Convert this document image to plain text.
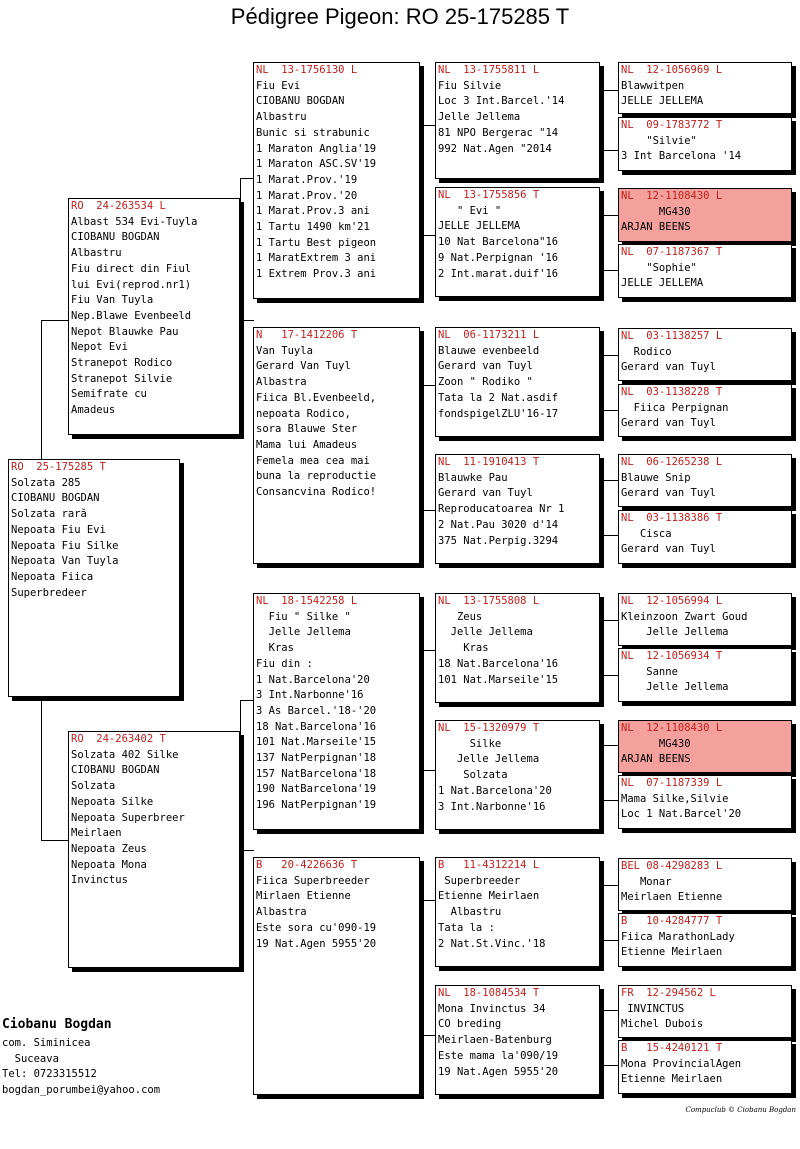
Pédigree Pigeon: RO 25-175285 T
RO  25-175285 T
Solzata 285
CIOBANU BOGDAN
Solzata rară
Nepoata Fiu Evi
Nepoata Fiu Silke
Nepoata Van Tuyla
Nepoata Fiica
Superbredeer
RO  24-263534 L
Albast 534 Evi-Tuyla
CIOBANU BOGDAN
Albastru
Fiu direct din Fiul
lui Evi(reprod.nr1)
Fiu Van Tuyla
Nep.Blawe Evenbeeld
Nepot Blauwke Pau
Nepot Evi
Stranepot Rodico
Stranepot Silvie
Semifrate cu
Amadeus
RO  24-263402 T
Solzata 402 Silke
CIOBANU BOGDAN
Solzata
Nepoata Silke
Nepoata Superbreer
Meirlaen
Nepoata Zeus
Nepoata Mona
Invinctus
NL  13-1756130 L
Fiu Evi
CIOBANU BOGDAN
Albastru
Bunic si strabunic
1 Maraton Anglia'19
1 Maraton ASC.SV'19
1 Marat.Prov.'19
1 Marat.Prov.'20
1 Marat.Prov.3 ani
1 Tartu 1490 km'21
1 Tartu Best pigeon
1 MaratExtrem 3 ani
1 Extrem Prov.3 ani
N   17-1412206 T
Van Tuyla
Gerard Van Tuyl
Albastra
Fiica Bl.Evenbeeld,
nepoata Rodico,
sora Blauwe Ster
Mama lui Amadeus
Femela mea cea mai
buna la reproductie
Consancvina Rodico!
NL  18-1542258 L
Fiu " Silke "
Jelle Jellema
Kras
Fiu din :
1 Nat.Barcelona'20
3 Int.Narbonne'16
3 As Barcel.'18-'20
18 Nat.Barcelona'16
101 Nat.Marseile'15
137 NatPerpignan'18
157 NatBarcelona'18
190 NatBarcelona'19
196 NatPerpignan'19
B   20-4226636 T
Fiica Superbreeder
Mirlaen Etienne
Albastra
Este sora cu'090-19
19 Nat.Agen 5955'20
NL  13-1755811 L
Fiu Silvie
Loc 3 Int.Barcel.'14
Jelle Jellema
81 NPO Bergerac "14
992 Nat.Agen "2014
NL  13-1755856 T
" Evi "
JELLE JELLEMA
10 Nat Barcelona"16
9 Nat.Perpignan '16
2 Int.marat.duif'16
NL  06-1173211 L
Blauwe evenbeeld
Gerard van Tuyl
Zoon " Rodiko "
Tata la 2 Nat.asdif
fondspigelZLU'16-17
NL  11-1910413 T
Blauwke Pau
Gerard van Tuyl
Reproducatoarea Nr 1
2 Nat.Pau 3020 d'14
375 Nat.Perpig.3294
NL  13-1755808 L
Zeus
Jelle Jellema
Kras
18 Nat.Barcelona'16
101 Nat.Marseile'15
NL  15-1320979 T
Silke
Jelle Jellema
Solzata
1 Nat.Barcelona'20
3 Int.Narbonne'16
B   11-4312214 L
Superbreeder
Etienne Meirlaen
Albastru
Tata la :
2 Nat.St.Vinc.'18
NL  18-1084534 T
Mona Invinctus 34
CO breding
Meirlaen-Batenburg
Este mama la'090/19
19 Nat.Agen 5955'20
NL  12-1056969 L
Blawwitpen
JELLE JELLEMA
NL  09-1783772 T
"Silvie"
3 Int Barcelona '14
NL  12-1108430 L
MG430
ARJAN BEENS
NL  07-1187367 T
"Sophie"
JELLE JELLEMA
NL  03-1138257 L
Rodico
Gerard van Tuyl
NL  03-1138228 T
Fiica Perpignan
Gerard van Tuyl
NL  06-1265238 L
Blauwe Snip
Gerard van Tuyl
NL  03-1138386 T
Cisca
Gerard van Tuyl
NL  12-1056994 L
Kleinzoon Zwart Goud
Jelle Jellema
NL  12-1056934 T
Sanne
Jelle Jellema
NL  12-1108430 L
MG430
ARJAN BEENS
NL  07-1187339 L
Mama Silke,Silvie
Loc 1 Nat.Barcel'20
BEL 08-4298283 L
Monar
Meirlaen Etienne
B   10-4284777 T
Fiica MarathonLady
Etienne Meirlaen
FR  12-294562 L
INVINCTUS
Michel Dubois
B   15-4240121 T
Mona ProvincialAgen
Etienne Meirlaen
Ciobanu Bogdan
com. Siminicea
Suceava
Tel: 0723315512
bogdan_porumbei@yahoo.com
Compuclub © Ciobanu Bogdan
